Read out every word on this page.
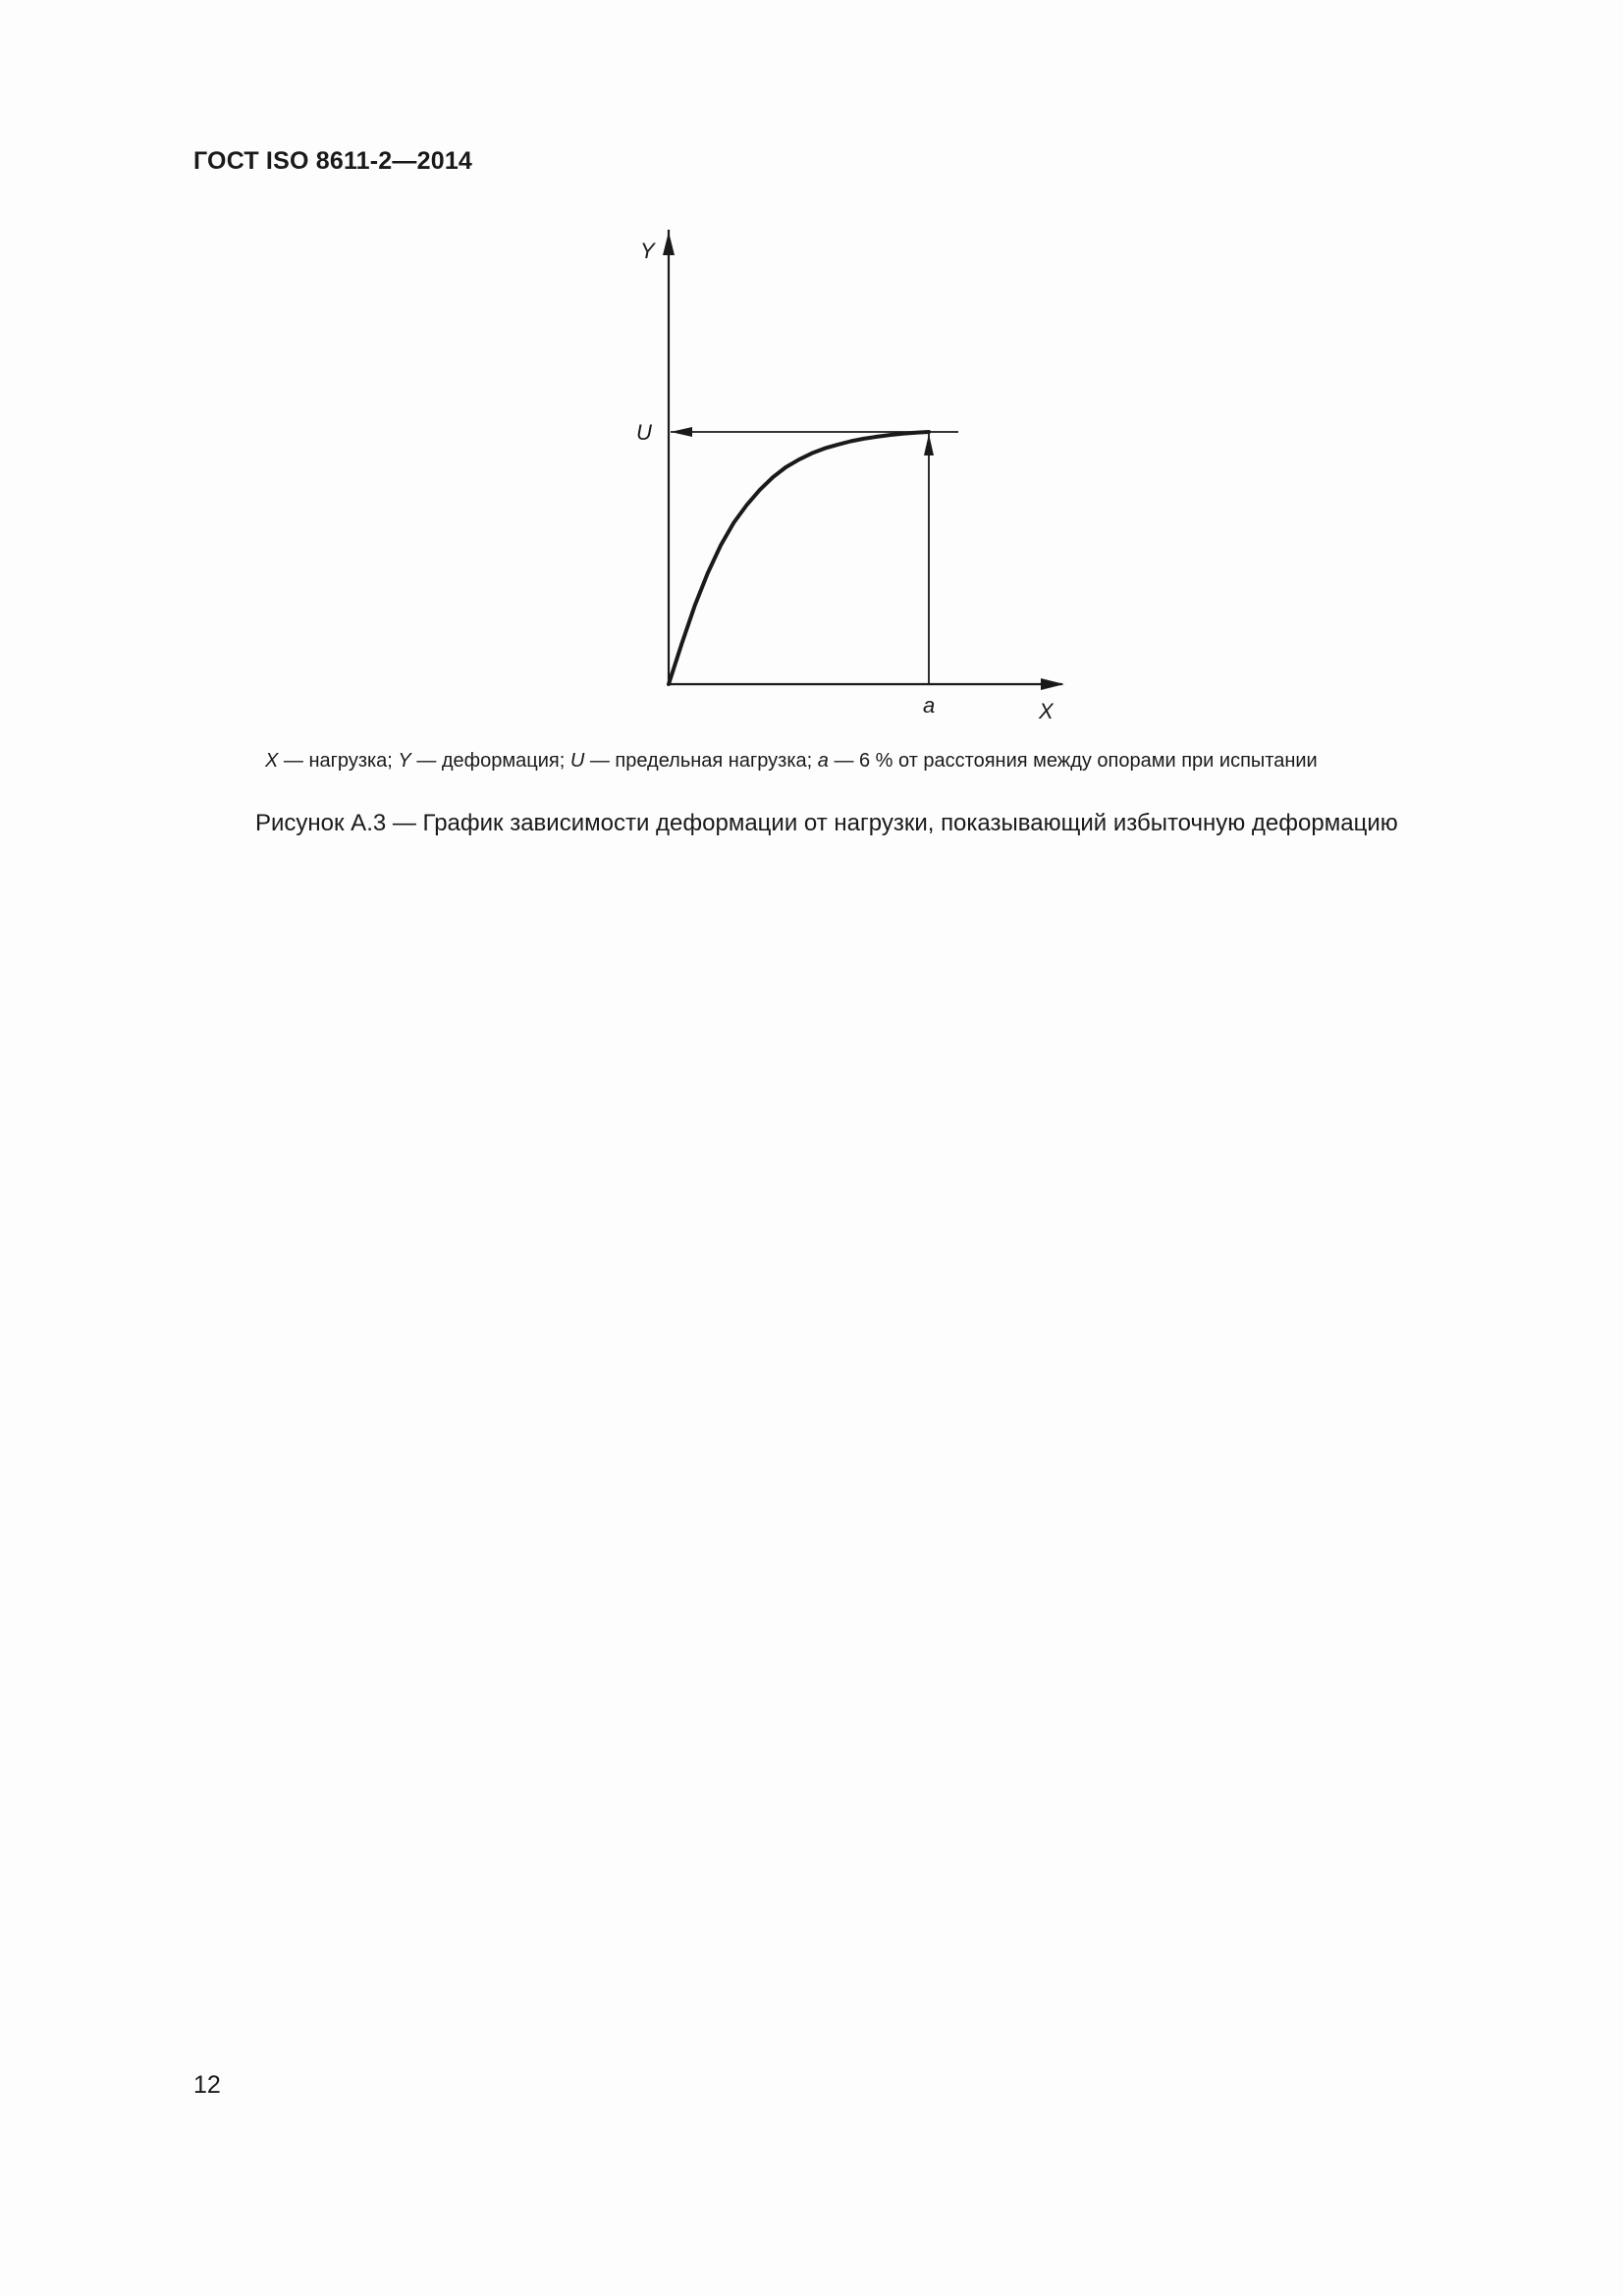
ГОСТ ISO 8611-2—2014
Y
X
U
a
X — нагрузка; Y — деформация; U — предельная нагрузка; a — 6 % от расстояния между опорами при испытании
Рисунок А.3 — График зависимости деформации от нагрузки, показывающий избыточную деформацию
12
